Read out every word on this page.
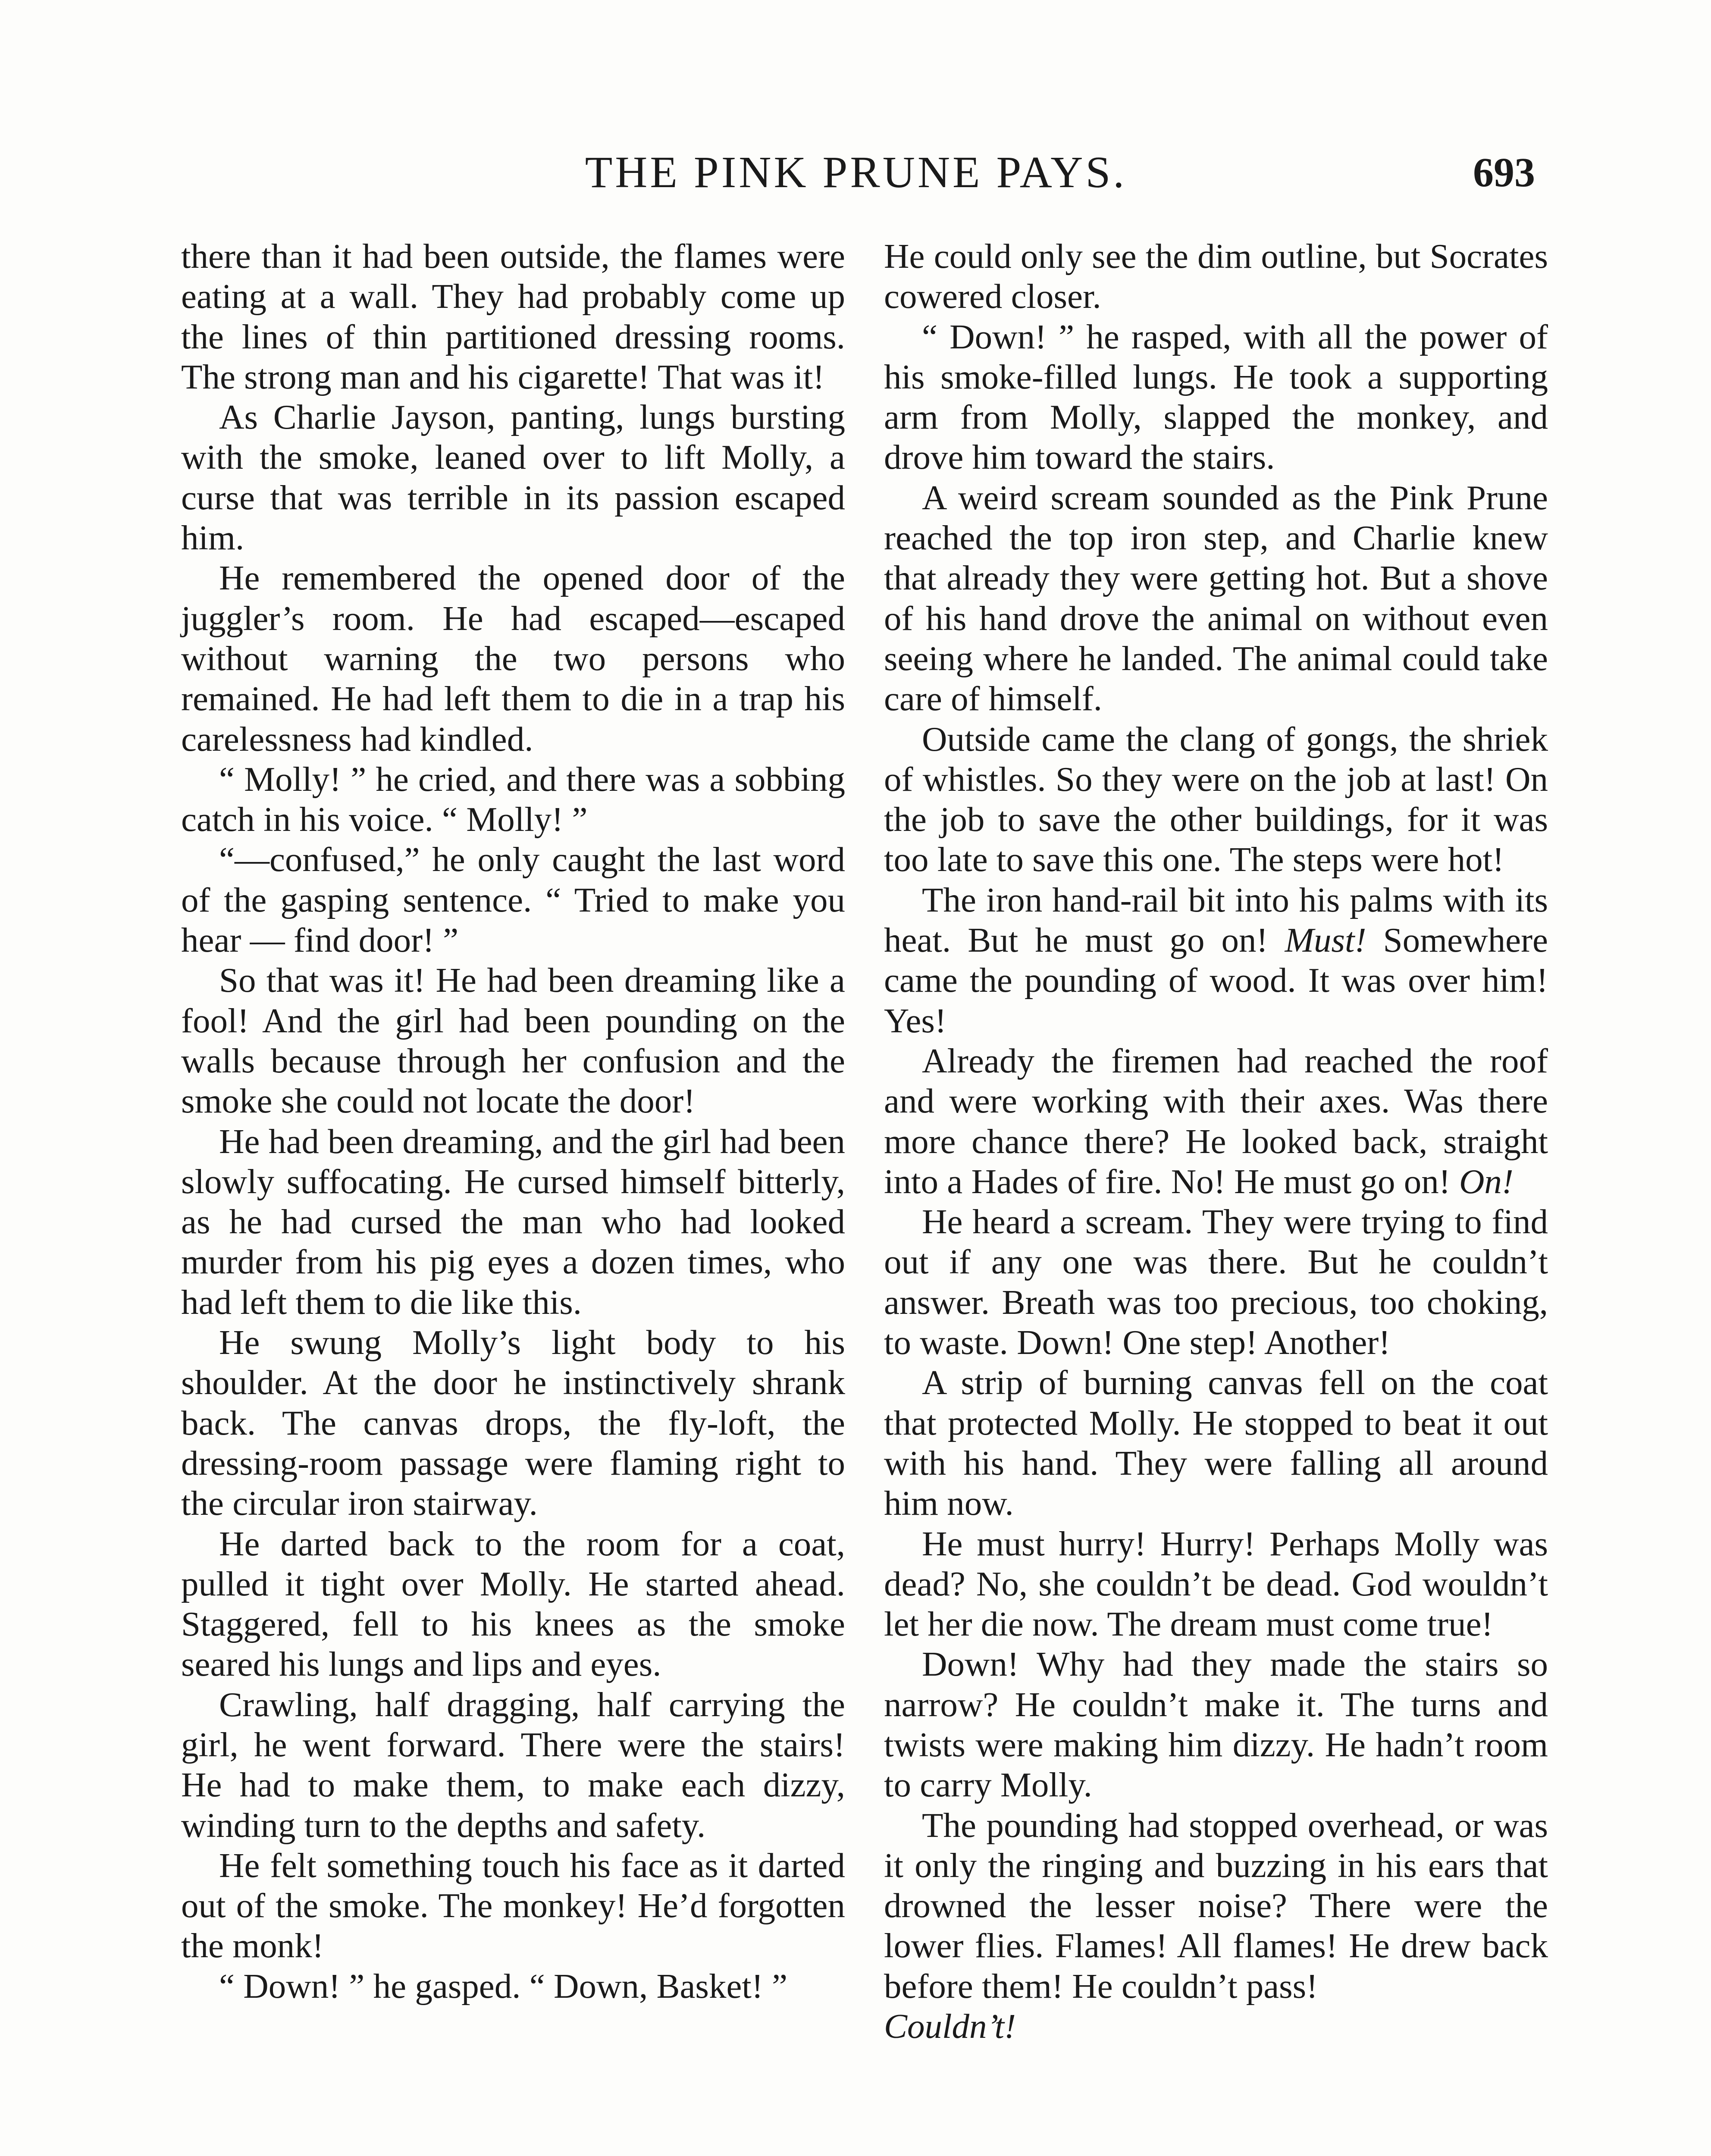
THE PINK PRUNE PAYS.	693

there than it had been outside, the flames were eating at a wall. They had probably come up the lines of thin partitioned dressing rooms. The strong man and his cigarette! That was it!

As Charlie Jayson, panting, lungs bursting with the smoke, leaned over to lift Molly, a curse that was terrible in its passion escaped him.

He remembered the opened door of the juggler’s room. He had escaped—escaped without warning the two persons who remained. He had left them to die in a trap his carelessness had kindled.

“ Molly! ” he cried, and there was a sobbing catch in his voice. “ Molly! ”

“—confused,” he only caught the last word of the gasping sentence. “ Tried to make you hear — find door! ”

So that was it! He had been dreaming like a fool! And the girl had been pounding on the walls because through her confusion and the smoke she could not locate the door!

He had been dreaming, and the girl had been slowly suffocating. He cursed himself bitterly, as he had cursed the man who had looked murder from his pig eyes a dozen times, who had left them to die like this.

He swung Molly’s light body to his shoulder. At the door he instinctively shrank back. The canvas drops, the fly-loft, the dressing-room passage were flaming right to the circular iron stairway.

He darted back to the room for a coat, pulled it tight over Molly. He started ahead. Staggered, fell to his knees as the smoke seared his lungs and lips and eyes.

Crawling, half dragging, half carrying the girl, he went forward. There were the stairs! He had to make them, to make each dizzy, winding turn to the depths and safety.

He felt something touch his face as it darted out of the smoke. The monkey! He’d forgotten the monk!

“ Down! ” he gasped. “ Down, Basket! ”

He could only see the dim outline, but Socrates cowered closer.

“ Down! ” he rasped, with all the power of his smoke-filled lungs. He took a supporting arm from Molly, slapped the monkey, and drove him toward the stairs.

A weird scream sounded as the Pink Prune reached the top iron step, and Charlie knew that already they were getting hot. But a shove of his hand drove the animal on without even seeing where he landed. The animal could take care of himself.

Outside came the clang of gongs, the shriek of whistles. So they were on the job at last! On the job to save the other buildings, for it was too late to save this one. The steps were hot!

The iron hand-rail bit into his palms with its heat. But he must go on! Must! Somewhere came the pounding of wood. It was over him! Yes!

Already the firemen had reached the roof and were working with their axes. Was there more chance there? He looked back, straight into a Hades of fire. No! He must go on! On!

He heard a scream. They were trying to find out if any one was there. But he couldn’t answer. Breath was too precious, too choking, to waste. Down! One step! Another!

A strip of burning canvas fell on the coat that protected Molly. He stopped to beat it out with his hand. They were falling all around him now.

He must hurry! Hurry! Perhaps Molly was dead? No, she couldn’t be dead. God wouldn’t let her die now. The dream must come true!

Down! Why had they made the stairs so narrow? He couldn’t make it. The turns and twists were making him dizzy. He hadn’t room to carry Molly.

The pounding had stopped overhead, or was it only the ringing and buzzing in his ears that drowned the lesser noise? There were the lower flies. Flames! All flames! He drew back before them! He couldn’t pass!

Couldn’t!
